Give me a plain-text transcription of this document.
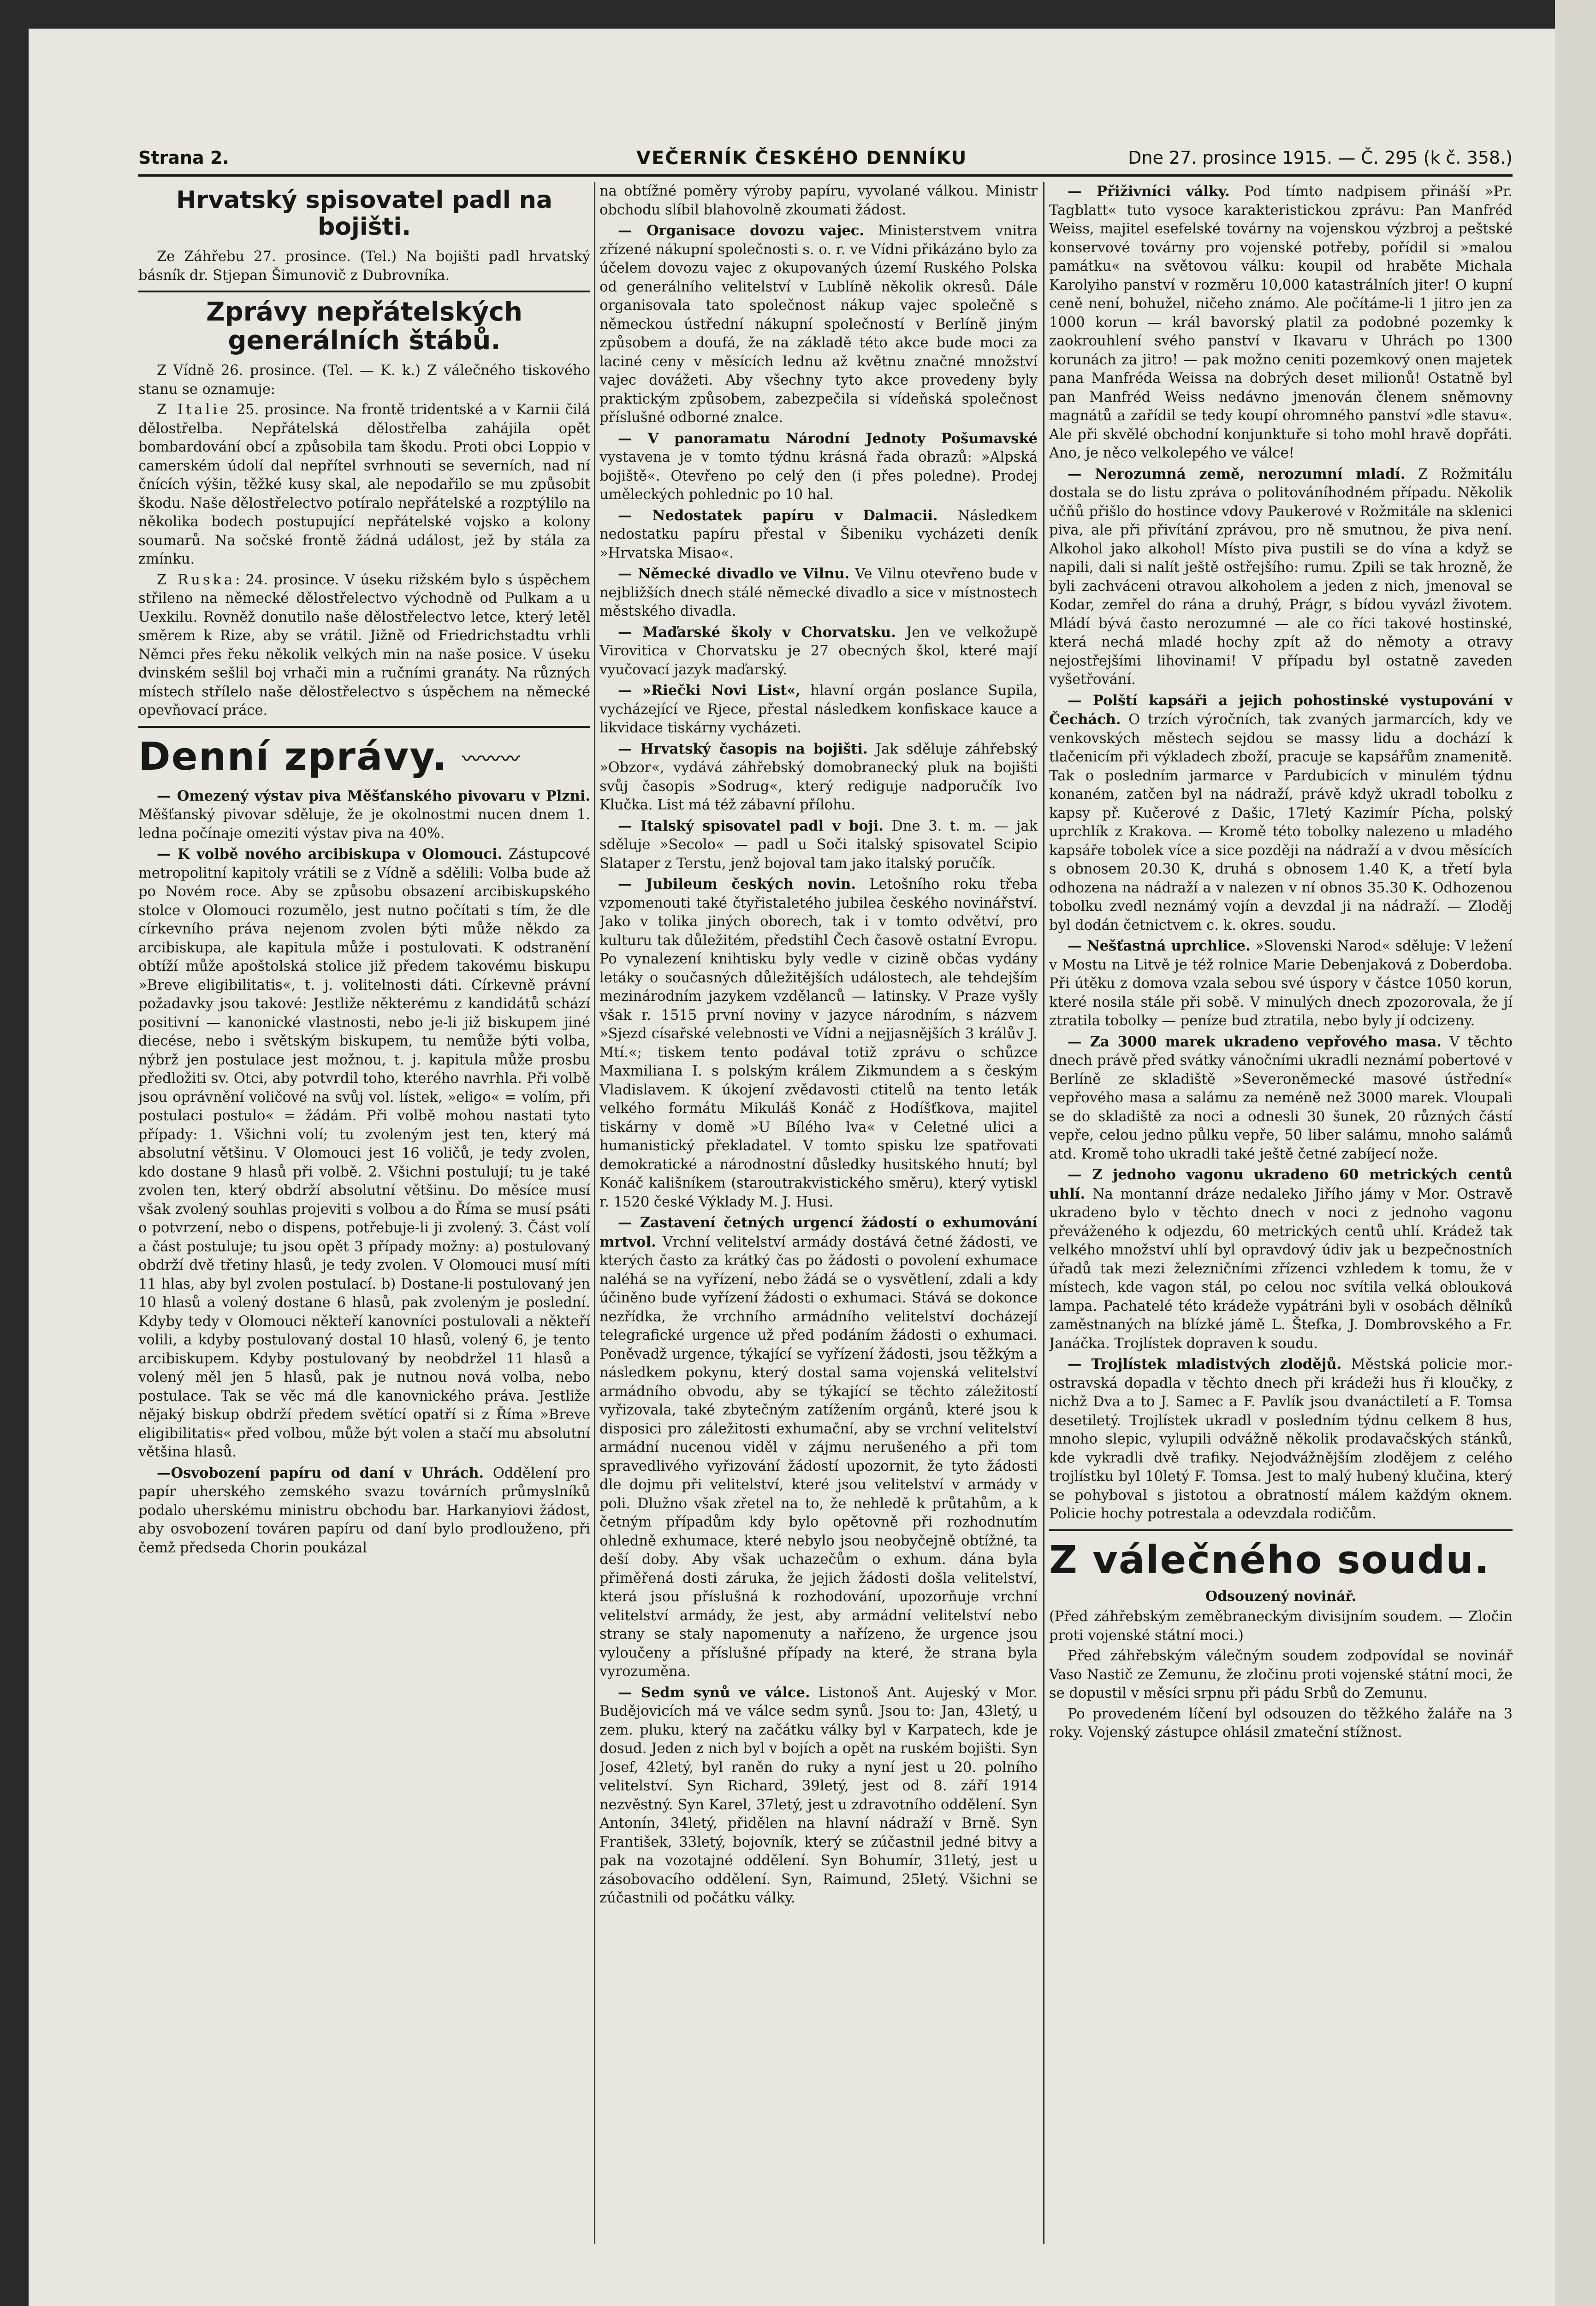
Strana 2.	VEČERNÍK ČESKÉHO DENNÍKU	Dne 27. prosince 1915. — Č. 295 (k č. 358.)
Hrvatský spisovatel padl na bojišti.

Ze Záhřebu 27. prosince. (Tel.) Na bojišti padl hrvatský básník dr. Stjepan Šimunovič z Dubrovníka.

Zprávy nepřátelských generálních štábů.

Z Vídně 26. prosince. (Tel. — K. k.) Z válečného tiskového stanu se oznamuje:

Z Italie 25. prosince. Na frontě tridentské a v Karnii čilá dělostřelba. Nepřátelská dělostřelba zahájila opět bombardování obcí a způsobila tam škodu. Proti obci Loppio v camerském údolí dal nepřítel svrhnouti se severních, nad ní čnících výšin, těžké kusy skal, ale nepodařilo se mu způsobit škodu. Naše dělostřelectvo potíralo nepřátelské a rozptýlilo na několika bodech postupující nepřátelské vojsko a kolony soumarů. Na sočské frontě žádná událost, jež by stála za zmínku.

Z Ruska: 24. prosince. V úseku rižském bylo s úspěchem střileno na německé dělostřelectvo východně od Pulkam a u Uexkilu. Rovněž donutilo naše dělostřelectvo letce, který letěl směrem k Rize, aby se vrátil. Jižně od Friedrichstadtu vrhli Němci přes řeku několik velkých min na naše posice. V úseku dvinském sešlil boj vrhači min a ručními granáty. Na různých místech střílelo naše dělostřelectvo s úspěchem na německé opevňovací práce.

Denní zprávy. 〰〰〰

— Omezený výstav piva Měšťanského pivovaru v Plzni. Měšťanský pivovar sděluje, že je okolnostmi nucen dnem 1. ledna počínaje omeziti výstav piva na 40%.

— K volbě nového arcibiskupa v Olomouci. Zástupcové metropolitní kapitoly vrátili se z Vídně a sdělili: Volba bude až po Novém roce. Aby se způsobu obsazení arcibiskupského stolce v Olomouci rozumělo, jest nutno počítati s tím, že dle církevního práva nejenom zvolen býti může někdo za arcibiskupa, ale kapitula může i postulovati. K odstranění obtíží může apoštolská stolice již předem takovému biskupu »Breve eligibilitatis«, t. j. volitelnosti dáti. Církevně právní požadavky jsou takové: Jestliže některému z kandidátů schází positivní — kanonické vlastnosti, nebo je-li již biskupem jiné diecése, nebo i světským biskupem, tu nemůže býti volba, nýbrž jen postulace jest možnou, t. j. kapitula může prosbu předložiti sv. Otci, aby potvrdil toho, kterého navrhla. Při volbě jsou oprávnění voličové na svůj vol. lístek, »eligo« = volím, při postulaci postulo« = žádám. Při volbě mohou nastati tyto případy: 1. Všichni volí; tu zvoleným jest ten, který má absolutní většinu. V Olomouci jest 16 voličů, je tedy zvolen, kdo dostane 9 hlasů při volbě. 2. Všichni postulují; tu je také zvolen ten, který obdrží absolutní většinu. Do měsíce musí však zvolený souhlas projeviti s volbou a do Říma se musí psáti o potvrzení, nebo o dispens, potřebuje-li ji zvolený. 3. Část volí a část postuluje; tu jsou opět 3 případy možny: a) postulovaný obdrží dvě třetiny hlasů, je tedy zvolen. V Olomouci musí míti 11 hlas, aby byl zvolen postulací. b) Dostane-li postulovaný jen 10 hlasů a volený dostane 6 hlasů, pak zvoleným je poslední. Kdyby tedy v Olomouci někteří kanovníci postulovali a někteří volili, a kdyby postulovaný dostal 10 hlasů, volený 6, je tento arcibiskupem. Kdyby postulovaný by neobdržel 11 hlasů a volený měl jen 5 hlasů, pak je nutnou nová volba, nebo postulace. Tak se věc má dle kanovnického práva. Jestliže nějaký biskup obdrží předem světící opatří si z Říma »Breve eligibilitatis« před volbou, může být volen a stačí mu absolutní většina hlasů.

—Osvobození papíru od daní v Uhrách. Oddělení pro papír uherského zemského svazu továrních průmyslníků podalo uherskému ministru obchodu bar. Harkanyiovi žádost, aby osvobození továren papíru od daní bylo prodlouženo, při čemž předseda Chorin poukázal

na obtížné poměry výroby papíru, vyvolané válkou. Ministr obchodu slíbil blahovolně zkoumati žádost.

— Organisace dovozu vajec. Ministerstvem vnitra zřízené nákupní společnosti s. o. r. ve Vídni přikázáno bylo za účelem dovozu vajec z okupovaných území Ruského Polska od generálního velitelství v Lublíně několik okresů. Dále organisovala tato společnost nákup vajec společně s německou ústřední nákupní společností v Berlíně jiným způsobem a doufá, že na základě této akce bude moci za laciné ceny v měsících lednu až květnu značné množství vajec dovážeti. Aby všechny tyto akce provedeny byly praktickým způsobem, zabezpečila si vídeňská společnost příslušné odborné znalce.

— V panoramatu Národní Jednoty Pošumavské vystavena je v tomto týdnu krásná řada obrazů: »Alpská bojiště«. Otevřeno po celý den (i přes poledne). Prodej uměleckých pohlednic po 10 hal.

— Nedostatek papíru v Dalmacii. Následkem nedostatku papíru přestal v Šibeniku vycházeti deník »Hrvatska Misao«.

— Německé divadlo ve Vilnu. Ve Vilnu otevřeno bude v nejbližších dnech stálé německé divadlo a sice v místnostech městského divadla.

— Maďarské školy v Chorvatsku. Jen ve velkožupě Virovitica v Chorvatsku je 27 obecných škol, které mají vyučovací jazyk maďarský.

— »Riečki Novi List«, hlavní orgán poslance Supila, vycházející ve Rjece, přestal následkem konfiskace kauce a likvidace tiskárny vycházeti.

— Hrvatský časopis na bojišti. Jak sděluje záhřebský »Obzor«, vydává záhřebský domobranecký pluk na bojišti svůj časopis »Sodrug«, který rediguje nadporučík Ivo Klučka. List má též zábavní přílohu.

— Italský spisovatel padl v boji. Dne 3. t. m. — jak sděluje »Secolo« — padl u Soči italský spisovatel Scipio Slataper z Terstu, jenž bojoval tam jako italský poručík.

— Jubileum českých novin. Letošního roku třeba vzpomenouti také čtyřistaletého jubilea českého novinářství. Jako v tolika jiných oborech, tak i v tomto odvětví, pro kulturu tak důležitém, předstihl Čech časově ostatní Evropu. Po vynalezení knihtisku byly vedle v cizině občas vydány letáky o současných důležitějších událostech, ale tehdejším mezinárodním jazykem vzdělanců — latinsky. V Praze vyšly však r. 1515 první noviny v jazyce národním, s názvem »Sjezd císařské velebnosti ve Vídni a nejjasnějších 3 králův J. Mtí.«; tiskem tento podával totiž zprávu o schůzce Maxmiliana I. s polským králem Zikmundem a s českým Vladislavem. K úkojení zvědavosti ctitelů na tento leták velkého formátu Mikuláš Konáč z Hodíšťkova, majitel tiskárny v domě »U Bílého lva« v Celetné ulici a humanistický překladatel. V tomto spisku lze spatřovati demokratické a národnostní důsledky husitského hnutí; byl Konáč kališníkem (staroutrakvistického směru), který vytiskl r. 1520 české Výklady M. J. Husi.

— Zastavení četných urgencí žádostí o exhumování mrtvol. Vrchní velitelství armády dostává četné žádosti, ve kterých často za krátký čas po žádosti o povolení exhumace naléhá se na vyřízení, nebo žádá se o vysvětlení, zdali a kdy účiněno bude vyřízení žádosti o exhumaci. Stává se dokonce nezřídka, že vrchního armádního velitelství docházejí telegrafické urgence už před podáním žádosti o exhumaci. Poněvadž urgence, týkající se vyřízení žádosti, jsou těžkým a následkem pokynu, který dostal sama vojenská velitelství armádního obvodu, aby se týkající se těchto záležitostí vyřizovala, také zbytečným zatížením orgánů, které jsou k disposici pro záležitosti exhumační, aby se vrchní velitelství armádní nucenou viděl v zájmu nerušeného a při tom spravedlivého vyřizování žádostí upozornit, že tyto žádosti dle dojmu při velitelství, které jsou velitelství v armády v poli. Dlužno však zřetel na to, že nehledě k průtahům, a k četným případům kdy bylo opětovně při rozhodnutím ohledně exhumace, které nebylo jsou neobyčejně obtížné, ta deší doby. Aby však uchazečům o exhum. dána byla přiměřená dosti záruka, že jejich žádosti došla velitelství, která jsou příslušná k rozhodování, upozorňuje vrchní velitelství armády, že jest, aby armádní velitelství nebo strany se staly napomenuty a nařízeno, že urgence jsou vyloučeny a příslušné případy na které, že strana byla vyrozuměna.

— Sedm synů ve válce. Listonoš Ant. Aujeský v Mor. Budějovicích má ve válce sedm synů. Jsou to: Jan, 43letý, u zem. pluku, který na začátku války byl v Karpatech, kde je dosud. Jeden z nich byl v bojích a opět na ruském bojišti. Syn Josef, 42letý, byl raněn do ruky a nyní jest u 20. polního velitelství. Syn Richard, 39letý, jest od 8. září 1914 nezvěstný. Syn Karel, 37letý, jest u zdravotního oddělení. Syn Antonín, 34letý, přidělen na hlavní nádraží v Brně. Syn František, 33letý, bojovník, který se zúčastnil jedné bitvy a pak na vozotajné oddělení. Syn Bohumír, 31letý, jest u zásobovacího oddělení. Syn, Raimund, 25letý. Všichni se zúčastnili od počátku války.

— Přiživníci války. Pod tímto nadpisem přináší »Pr. Tagblatt« tuto vysoce karakteristickou zprávu: Pan Manfréd Weiss, majitel esefelské továrny na vojenskou výzbroj a peštské konservové továrny pro vojenské potřeby, pořídil si »malou památku« na světovou válku: koupil od hraběte Michala Karolyiho panství v rozměru 10,000 katastrálních jiter! O kupní ceně není, bohužel, ničeho známo. Ale počítáme-li 1 jitro jen za 1000 korun — král bavorský platil za podobné pozemky k zaokrouhlení svého panství v Ikavaru v Uhrách po 1300 korunách za jitro! — pak možno ceniti pozemkový onen majetek pana Manfréda Weissa na dobrých deset milionů! Ostatně byl pan Manfréd Weiss nedávno jmenován členem sněmovny magnátů a zařídil se tedy koupí ohromného panství »dle stavu«. Ale při skvělé obchodní konjunktuře si toho mohl hravě dopřáti. Ano, je něco velkolepého ve válce!

— Nerozumná země, nerozumní mladí. Z Rožmitálu dostala se do listu zpráva o politováníhodném případu. Několik učňů přišlo do hostince vdovy Paukerové v Rožmitále na sklenici piva, ale při přivítání zprávou, pro ně smutnou, že piva není. Alkohol jako alkohol! Místo piva pustili se do vína a když se napili, dali si nalít ještě ostřejšího: rumu. Zpili se tak hrozně, že byli zachváceni otravou alkoholem a jeden z nich, jmenoval se Kodar, zemřel do rána a druhý, Prágr, s bídou vyvázl životem. Mládí bývá často nerozumné — ale co říci takové hostinské, která nechá mladé hochy zpít až do němoty a otravy nejostřejšími lihovinami! V případu byl ostatně zaveden vyšetřování.

— Polští kapsáři a jejich pohostinské vystupování v Čechách. O trzích výročních, tak zvaných jarmarcích, kdy ve venkovských městech sejdou se massy lidu a dochází k tlačenicím při výkladech zboží, pracuje se kapsářům znamenitě. Tak o posledním jarmarce v Pardubicích v minulém týdnu konaném, zatčen byl na nádraží, právě když ukradl tobolku z kapsy př. Kučerové z Dašic, 17letý Kazimír Pícha, polský uprchlík z Krakova. — Kromě této tobolky nalezeno u mladého kapsáře tobolek více a sice později na nádraží a v dvou měsících s obnosem 20.30 K, druhá s obnosem 1.40 K, a třetí byla odhozena na nádraží a v nalezen v ní obnos 35.30 K. Odhozenou tobolku zvedl neznámý vojín a devzdal ji na nádraží. — Zloděj byl dodán četnictvem c. k. okres. soudu.

— Nešťastná uprchlice. »Slovenski Narod« sděluje: V ležení v Mostu na Litvě je též rolnice Marie Debenjaková z Doberdoba. Při útěku z domova vzala sebou své úspory v částce 1050 korun, které nosila stále při sobě. V minulých dnech zpozorovala, že jí ztratila tobolky — peníze bud ztratila, nebo byly jí odcizeny.

— Za 3000 marek ukradeno vepřového masa. V těchto dnech právě před svátky vánočními ukradli neznámí pobertové v Berlíně ze skladiště »Severoněmecké masové ústřední« vepřového masa a salámu za neméně než 3000 marek. Vloupali se do skladiště za noci a odnesli 30 šunek, 20 různých částí vepře, celou jedno půlku vepře, 50 liber salámu, mnoho salámů atd. Kromě toho ukradli také ještě četné zabíjecí nože.

— Z jednoho vagonu ukradeno 60 metrických centů uhlí. Na montanní dráze nedaleko Jiřího jámy v Mor. Ostravě ukradeno bylo v těchto dnech v noci z jednoho vagonu převáženého k odjezdu, 60 metrických centů uhlí. Krádež tak velkého množství uhlí byl opravdový údiv jak u bezpečnostních úřadů tak mezi železničními zřízenci vzhledem k tomu, že v místech, kde vagon stál, po celou noc svítila velká oblouková lampa. Pachatelé této krádeže vypátráni byli v osobách dělníků zaměstnaných na blízké jámě L. Štefka, J. Dombrovského a Fr. Janáčka. Trojlístek dopraven k soudu.

— Trojlístek mladistvých zlodějů. Městská policie mor.-ostravská dopadla v těchto dnech při krádeži hus ři kloučky, z nichž Dva a to J. Samec a F. Pavlík jsou dvanáctiletí a F. Tomsa desetiletý. Trojlístek ukradl v posledním týdnu celkem 8 hus, mnoho slepic, vylupili odvážně několik prodavačských stánků, kde vykradli dvě trafiky. Nejodvážnějším zlodějem z celého trojlístku byl 10letý F. Tomsa. Jest to malý hubený klučina, který se pohyboval s jistotou a obratností málem každým oknem. Policie hochy potrestala a odevzdala rodičům.

Z válečného soudu.
Odsouzený novinář.

(Před záhřebským zeměbraneckým divisijním soudem. — Zločin proti vojenské státní moci.)

Před záhřebským válečným soudem zodpovídal se novinář Vaso Nastič ze Zemunu, že zločinu proti vojenské státní moci, že se dopustil v měsíci srpnu při pádu Srbů do Zemunu.

Po provedeném líčení byl odsouzen do těžkého žaláře na 3 roky. Vojenský zástupce ohlásil zmateční stížnost.
